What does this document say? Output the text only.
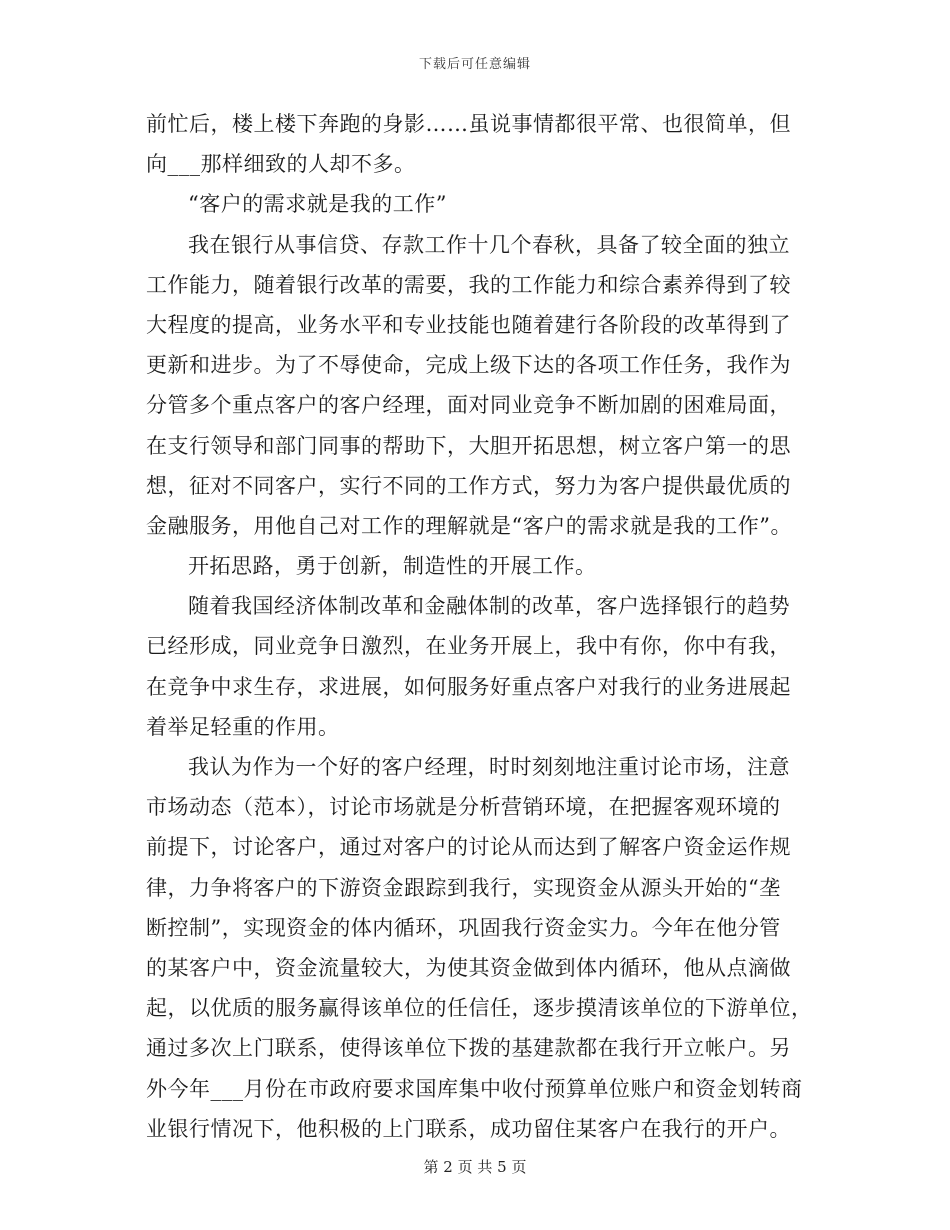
下载后可任意编辑
前忙后，楼上楼下奔跑的身影……虽说事情都很平常、也很简单，但
向___那样细致的人却不多。
“客户的需求就是我的工作”
我在银行从事信贷、存款工作十几个春秋，具备了较全面的独立
工作能力，随着银行改革的需要，我的工作能力和综合素养得到了较
大程度的提高，业务水平和专业技能也随着建行各阶段的改革得到了
更新和进步。为了不辱使命，完成上级下达的各项工作任务，我作为
分管多个重点客户的客户经理，面对同业竞争不断加剧的困难局面，
在支行领导和部门同事的帮助下，大胆开拓思想，树立客户第一的思
想，征对不同客户，实行不同的工作方式，努力为客户提供最优质的
金融服务，用他自己对工作的理解就是“客户的需求就是我的工作”。
开拓思路，勇于创新，制造性的开展工作。
随着我国经济体制改革和金融体制的改革，客户选择银行的趋势
已经形成，同业竞争日激烈，在业务开展上，我中有你，你中有我，
在竞争中求生存，求进展，如何服务好重点客户对我行的业务进展起
着举足轻重的作用。
我认为作为一个好的客户经理，时时刻刻地注重讨论市场，注意
市场动态（范本），讨论市场就是分析营销环境，在把握客观环境的
前提下，讨论客户，通过对客户的讨论从而达到了解客户资金运作规
律，力争将客户的下游资金跟踪到我行，实现资金从源头开始的“垄
断控制”，实现资金的体内循环，巩固我行资金实力。今年在他分管
的某客户中，资金流量较大，为使其资金做到体内循环，他从点滴做
起，以优质的服务赢得该单位的任信任，逐步摸清该单位的下游单位，
通过多次上门联系，使得该单位下拨的基建款都在我行开立帐户。另
外今年___月份在市政府要求国库集中收付预算单位账户和资金划转商
业银行情况下，他积极的上门联系，成功留住某客户在我行的开户。
第 2 页 共 5 页
